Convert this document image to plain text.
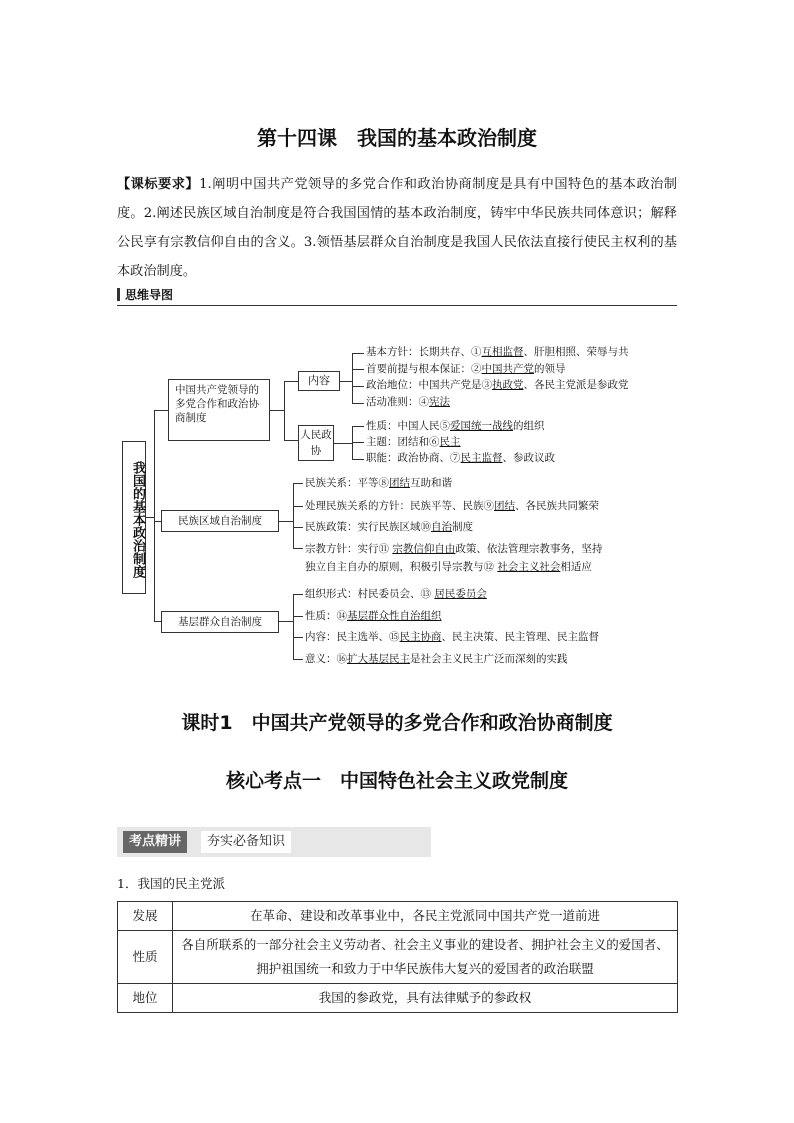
第十四课　我国的基本政治制度
【课标要求】1.阐明中国共产党领导的多党合作和政治协商制度是具有中国特色的基本政治制度。2.阐述民族区域自治制度是符合我国国情的基本政治制度，铸牢中华民族共同体意识；解释公民享有宗教信仰自由的含义。3.领悟基层群众自治制度是我国人民依法直接行使民主权利的基本政治制度。
思维导图
我国的基本政治制度
中国共产党领导的多党合作和政治协商制度
内容
人民政协
基本方针：长期共存、①互相监督、肝胆相照、荣辱与共
首要前提与根本保证：②中国共产党的领导
政治地位：中国共产党是③执政党、各民主党派是参政党
活动准则：④宪法
性质：中国人民⑤爱国统一战线的组织
主题：团结和⑥民主
职能：政治协商、⑦民主监督、参政议政
民族区域自治制度
民族关系：平等⑧团结互助和谐
处理民族关系的方针：民族平等、民族⑨团结、各民族共同繁荣
民族政策：实行民族区域⑩自治制度
宗教方针：实行⑪ 宗教信仰自由政策、依法管理宗教事务，坚持
独立自主自办的原则，积极引导宗教与⑫ 社会主义社会相适应
基层群众自治制度
组织形式：村民委员会、⑬ 居民委员会
性质：⑭基层群众性自治组织
内容：民主选举、⑮民主协商、民主决策、民主管理、民主监督
意义：⑯扩大基层民主是社会主义民主广泛而深刻的实践
课时1　中国共产党领导的多党合作和政治协商制度
核心考点一　中国特色社会主义政党制度
考点精讲	夯实必备知识
1．我国的民主党派
发展	在革命、建设和改革事业中，各民主党派同中国共产党一道前进
性质	各自所联系的一部分社会主义劳动者、社会主义事业的建设者、拥护社会主义的爱国者、拥护祖国统一和致力于中华民族伟大复兴的爱国者的政治联盟
地位	我国的参政党，具有法律赋予的参政权
